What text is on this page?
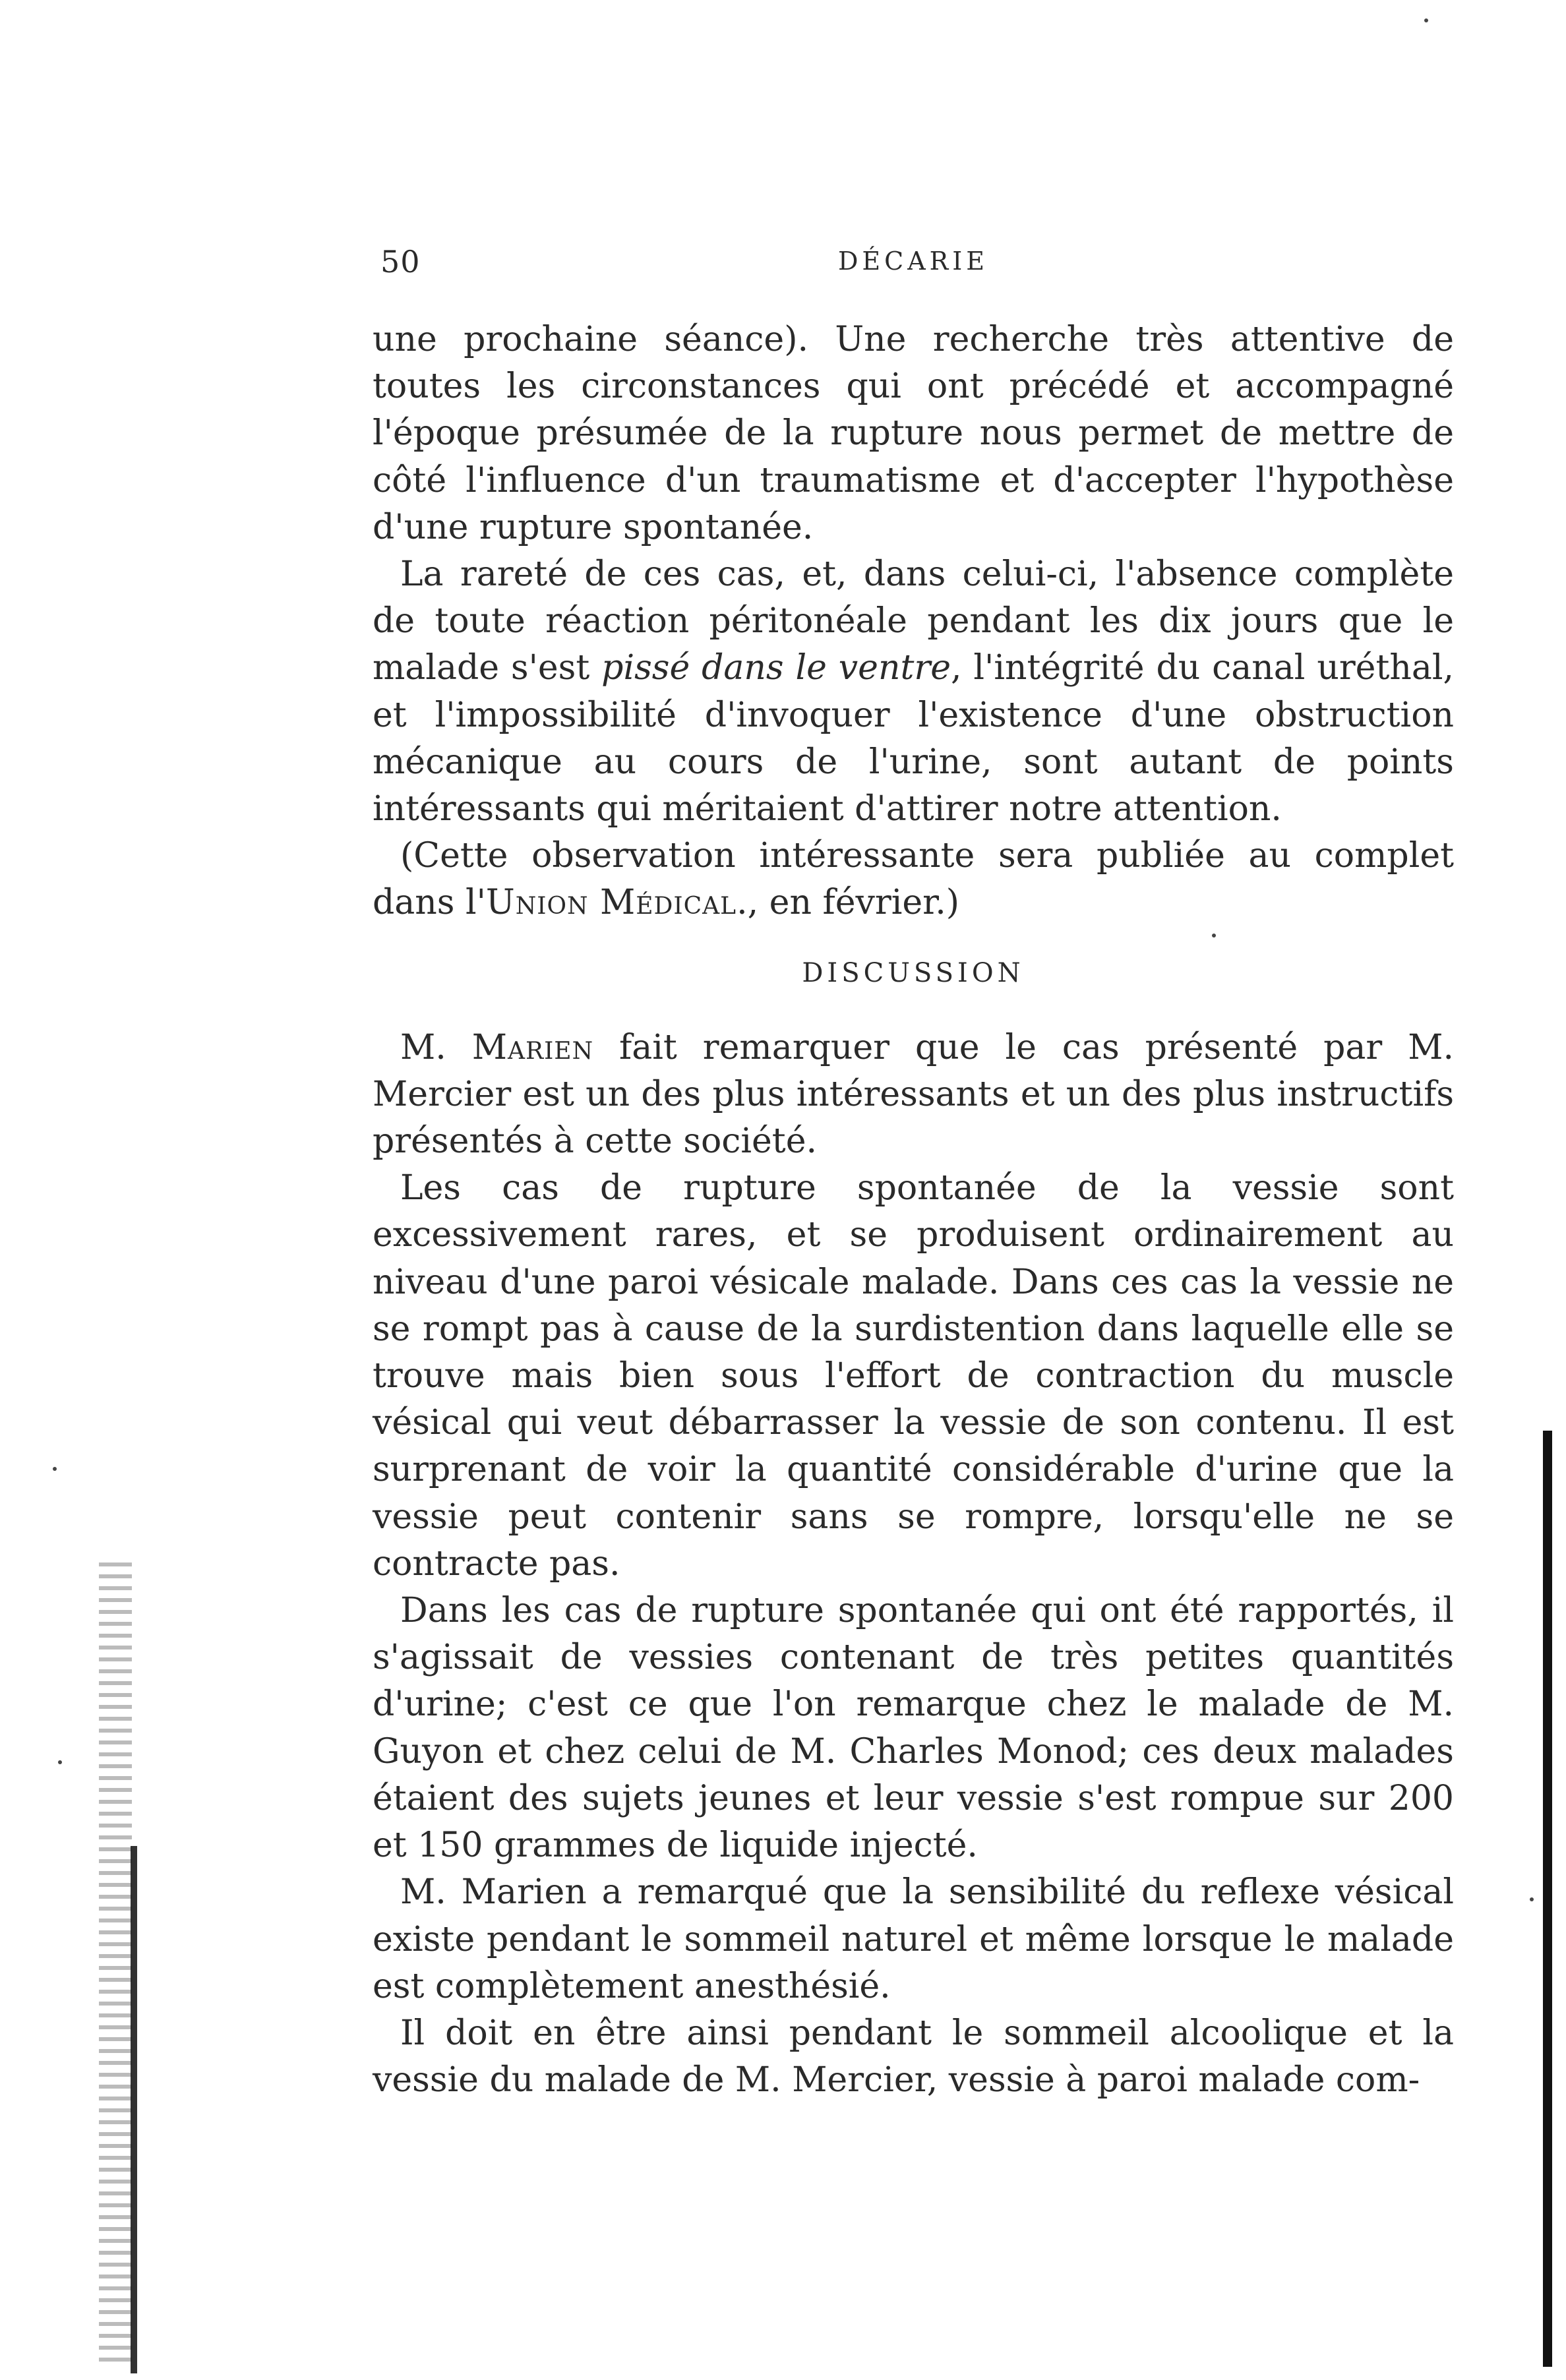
50	DÉCARIE

une prochaine séance). Une recherche très attentive de toutes les circonstances qui ont précédé et accompagné l'époque présumée de la rupture nous permet de mettre de côté l'influence d'un traumatisme et d'accepter l'hypothèse d'une rupture spontanée.

La rareté de ces cas, et, dans celui-ci, l'absence complète de toute réaction péritonéale pendant les dix jours que le malade s'est pissé dans le ventre, l'intégrité du canal uréthal, et l'impossibilité d'invoquer l'existence d'une obstruction mécanique au cours de l'urine, sont autant de points intéressants qui méritaient d'attirer notre attention.

(Cette observation intéressante sera publiée au complet dans l'Union Médical., en février.)

DISCUSSION

M. Marien fait remarquer que le cas présenté par M. Mercier est un des plus intéressants et un des plus instructifs présentés à cette société.

Les cas de rupture spontanée de la vessie sont excessivement rares, et se produisent ordinairement au niveau d'une paroi vésicale malade. Dans ces cas la vessie ne se rompt pas à cause de la surdistention dans laquelle elle se trouve mais bien sous l'effort de contraction du muscle vésical qui veut débarrasser la vessie de son contenu. Il est surprenant de voir la quantité considérable d'urine que la vessie peut contenir sans se rompre, lorsqu'elle ne se contracte pas.

Dans les cas de rupture spontanée qui ont été rapportés, il s'agissait de vessies contenant de très petites quantités d'urine; c'est ce que l'on remarque chez le malade de M. Guyon et chez celui de M. Charles Monod; ces deux malades étaient des sujets jeunes et leur vessie s'est rompue sur 200 et 150 grammes de liquide injecté.

M. Marien a remarqué que la sensibilité du reflexe vésical existe pendant le sommeil naturel et même lorsque le malade est complètement anesthésié.

Il doit en être ainsi pendant le sommeil alcoolique et la vessie du malade de M. Mercier, vessie à paroi malade com-
